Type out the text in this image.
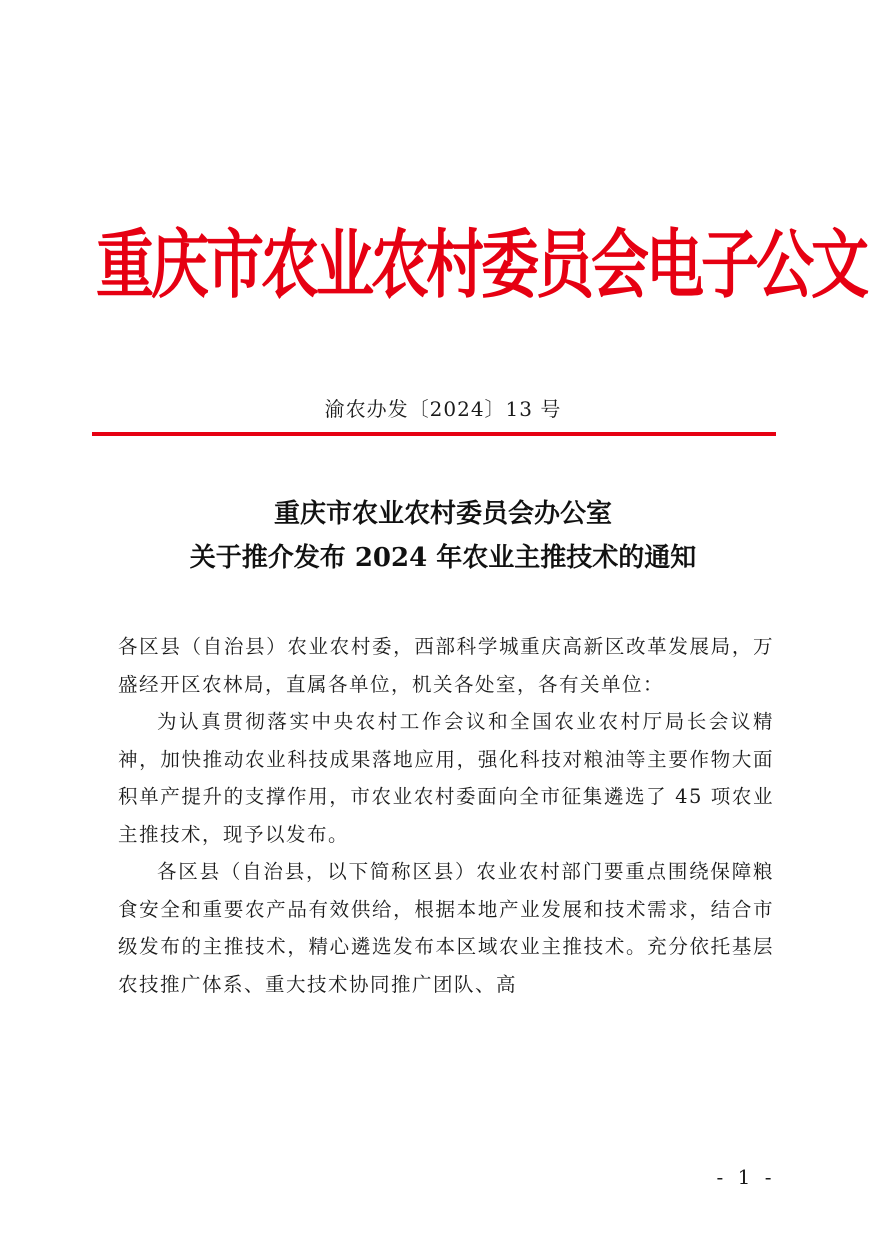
重庆市农业农村委员会电子公文
渝农办发〔2024〕13 号
重庆市农业农村委员会办公室
关于推介发布 2024 年农业主推技术的通知

各区县（自治县）农业农村委，西部科学城重庆高新区改革发展局，万盛经开区农林局，直属各单位，机关各处室，各有关单位：

为认真贯彻落实中央农村工作会议和全国农业农村厅局长会议精神，加快推动农业科技成果落地应用，强化科技对粮油等主要作物大面积单产提升的支撑作用，市农业农村委面向全市征集遴选了 45 项农业主推技术，现予以发布。

各区县（自治县，以下简称区县）农业农村部门要重点围绕保障粮食安全和重要农产品有效供给，根据本地产业发展和技术需求，结合市级发布的主推技术，精心遴选发布本区域农业主推技术。充分依托基层农技推广体系、重大技术协同推广团队、高

- 1 -
